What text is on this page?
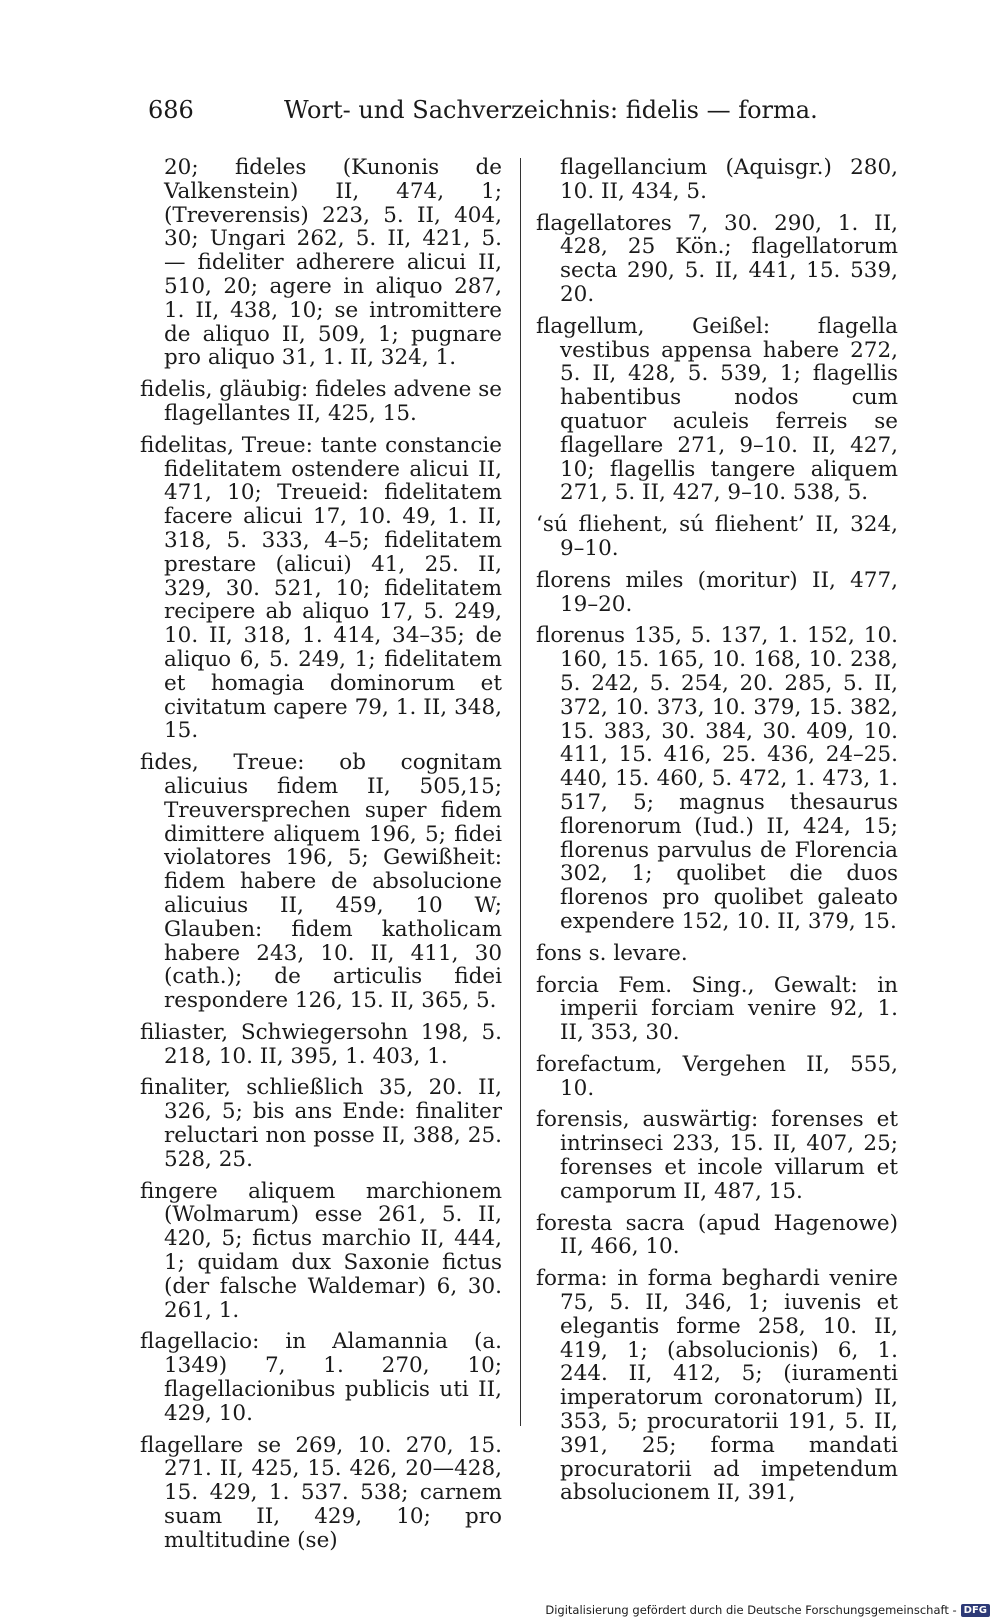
686	Wort- und Sachverzeichnis: fidelis — forma.

20; fideles (Kunonis de Valkenstein) II, 474, 1; (Treverensis) 223, 5. II, 404, 30; Ungari 262, 5. II, 421, 5. — fideliter adherere alicui II, 510, 20; agere in aliquo 287, 1. II, 438, 10; se intromittere de aliquo II, 509, 1; pugnare pro aliquo 31, 1. II, 324, 1.

fidelis, gläubig: fideles advene se flagellantes II, 425, 15.

fidelitas, Treue: tante constancie fidelitatem ostendere alicui II, 471, 10; Treueid: fidelitatem facere alicui 17, 10. 49, 1. II, 318, 5. 333, 4–5; fidelitatem prestare (alicui) 41, 25. II, 329, 30. 521, 10; fidelitatem recipere ab aliquo 17, 5. 249, 10. II, 318, 1. 414, 34–35; de aliquo 6, 5. 249, 1; fidelitatem et homagia dominorum et civitatum capere 79, 1. II, 348, 15.

fides, Treue: ob cognitam alicuius fidem II, 505,15; Treuversprechen super fidem dimittere aliquem 196, 5; fidei violatores 196, 5; Gewißheit: fidem habere de absolucione alicuius II, 459, 10 W; Glauben: fidem katholicam habere 243, 10. II, 411, 30 (cath.); de articulis fidei respondere 126, 15. II, 365, 5.

filiaster, Schwiegersohn 198, 5. 218, 10. II, 395, 1. 403, 1.

finaliter, schließlich 35, 20. II, 326, 5; bis ans Ende: finaliter reluctari non posse II, 388, 25. 528, 25.

fingere aliquem marchionem (Wolmarum) esse 261, 5. II, 420, 5; fictus marchio II, 444, 1; quidam dux Saxonie fictus (der falsche Waldemar) 6, 30. 261, 1.

flagellacio: in Alamannia (a. 1349) 7, 1. 270, 10; flagellacionibus publicis uti II, 429, 10.

flagellare se 269, 10. 270, 15. 271. II, 425, 15. 426, 20—428, 15. 429, 1. 537. 538; carnem suam II, 429, 10; pro multitudine (se)

flagellancium (Aquisgr.) 280, 10. II, 434, 5.

flagellatores 7, 30. 290, 1. II, 428, 25 Kön.; flagellatorum secta 290, 5. II, 441, 15. 539, 20.

flagellum, Geißel: flagella vestibus appensa habere 272, 5. II, 428, 5. 539, 1; flagellis habentibus nodos cum quatuor aculeis ferreis se flagellare 271, 9–10. II, 427, 10; flagellis tangere aliquem 271, 5. II, 427, 9–10. 538, 5.

‘sú fliehent, sú fliehent’ II, 324, 9–10.

florens miles (moritur) II, 477, 19–20.

florenus 135, 5. 137, 1. 152, 10. 160, 15. 165, 10. 168, 10. 238, 5. 242, 5. 254, 20. 285, 5. II, 372, 10. 373, 10. 379, 15. 382, 15. 383, 30. 384, 30. 409, 10. 411, 15. 416, 25. 436, 24–25. 440, 15. 460, 5. 472, 1. 473, 1. 517, 5; magnus thesaurus florenorum (Iud.) II, 424, 15; florenus parvulus de Florencia 302, 1; quolibet die duos florenos pro quolibet galeato expendere 152, 10. II, 379, 15.

fons s. levare.

forcia Fem. Sing., Gewalt: in imperii forciam venire 92, 1. II, 353, 30.

forefactum, Vergehen II, 555, 10.

forensis, auswärtig: forenses et intrinseci 233, 15. II, 407, 25; forenses et incole villarum et camporum II, 487, 15.

foresta sacra (apud Hagenowe) II, 466, 10.

forma: in forma beghardi venire 75, 5. II, 346, 1; iuvenis et elegantis forme 258, 10. II, 419, 1; (absolucionis) 6, 1. 244. II, 412, 5; (iuramenti imperatorum coronatorum) II, 353, 5; procuratorii 191, 5. II, 391, 25; forma mandati procuratorii ad impetendum absolucionem II, 391,

Digitalisierung gefördert durch die Deutsche Forschungsgemeinschaft - DFG
